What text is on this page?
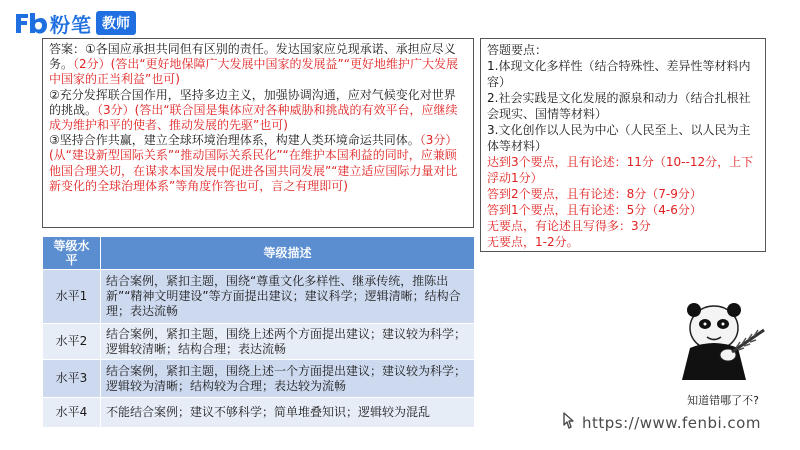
粉笔 教师

答案：①各国应承担共同但有区别的责任。发达国家应兑现承诺、承担应尽义务。（2分）(答出“更好地保障广大发展中国家的发展益”“更好地维护广大发展中国家的正当利益”也可)

②充分发挥联合国作用，坚持多边主义，加强协调沟通，应对气候变化对世界的挑战。（3分）(答出“联合国是集体应对各种威胁和挑战的有效平台，应继续成为维护和平的使者、推动发展的先驱”也可)

③坚持合作共赢，建立全球环境治理体系，构建人类环境命运共同体。（3分）(从“建设新型国际关系”“推动国际关系民化”“在维护本国利益的同时，应兼顾他国合理关切，在谋求本国发展中促进各国共同发展”“建立适应国际力量对比新变化的全球治理体系”等角度作答也可，言之有理即可)

答题要点：

1.体现文化多样性（结合特殊性、差异性等材料内容）

2.社会实践是文化发展的源泉和动力（结合扎根社会现实、国情等材料）

3.文化创作以人民为中心（人民至上、以人民为主体等材料）

达到3个要点，且有论述：11分（10--12分，上下浮动1分）

答到2个要点，且有论述：8分（7-9分）

答到1个要点，且有论述：5分（4-6分）

无要点，有论述且写得多：3分

无要点，1-2分。

等级水平	等级描述
水平1	结合案例，紧扣主题，围绕“尊重文化多样性、继承传统，推陈出新”“精神文明建设”等方面提出建议；建议科学；逻辑清晰；结构合理；表达流畅
水平2	结合案例，紧扣主题，围绕上述两个方面提出建议；建议较为科学；逻辑较清晰；结构合理；表达流畅
水平3	结合案例，紧扣主题，围绕上述一个方面提出建议；建议较为科学；逻辑较为清晰；结构较为合理；表达较为流畅
水平4	不能结合案例；建议不够科学；简单堆叠知识；逻辑较为混乱
知道错哪了不?
https://www.fenbi.com
